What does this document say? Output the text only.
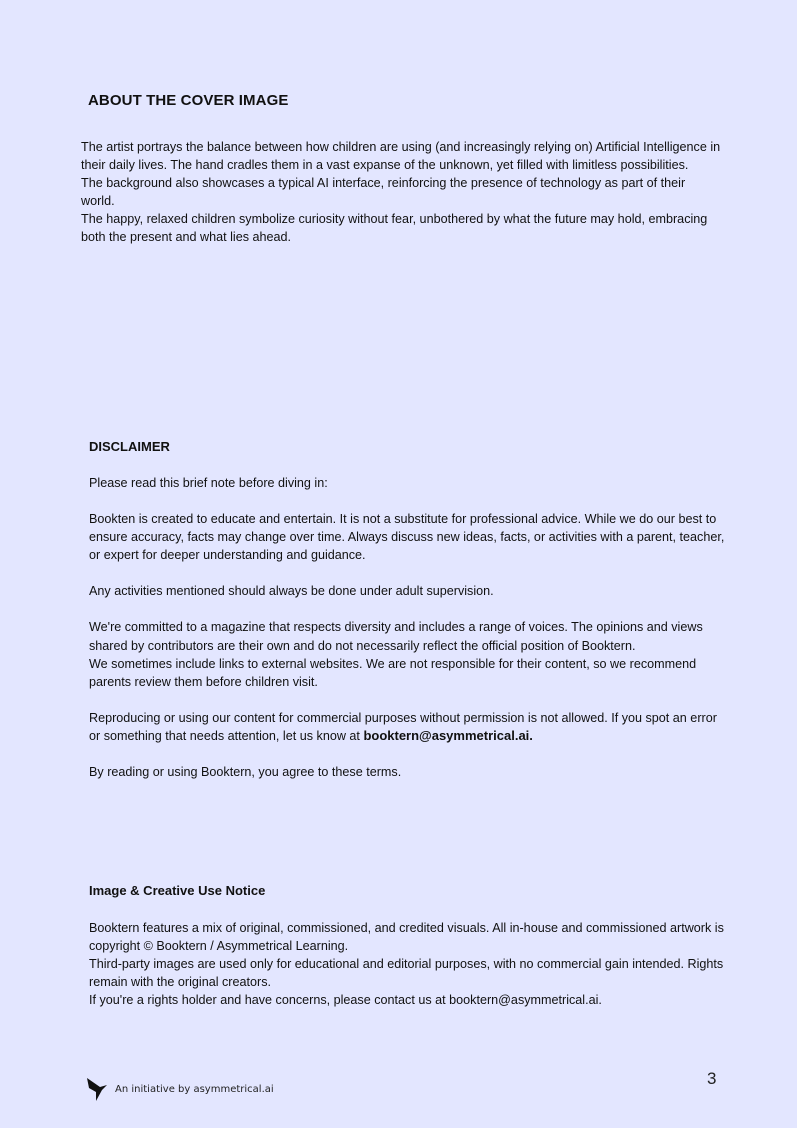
ABOUT THE COVER IMAGE

The artist portrays the balance between how children are using (and increasingly relying on) Artificial Intelligence in their daily lives. The hand cradles them in a vast expanse of the unknown, yet filled with limitless possibilities.

The background also showcases a typical AI interface, reinforcing the presence of technology as part of their world.

The happy, relaxed children symbolize curiosity without fear, unbothered by what the future may hold, embracing both the present and what lies ahead.

DISCLAIMER

Please read this brief note before diving in:

Bookten is created to educate and entertain. It is not a substitute for professional advice. While we do our best to ensure accuracy, facts may change over time. Always discuss new ideas, facts, or activities with a parent, teacher, or expert for deeper understanding and guidance.

Any activities mentioned should always be done under adult supervision.

We're committed to a magazine that respects diversity and includes a range of voices. The opinions and views shared by contributors are their own and do not necessarily reflect the official position of Booktern.

We sometimes include links to external websites. We are not responsible for their content, so we recommend parents review them before children visit.

Reproducing or using our content for commercial purposes without permission is not allowed. If you spot an error or something that needs attention, let us know at booktern@asymmetrical.ai.

By reading or using Booktern, you agree to these terms.

Image & Creative Use Notice

Booktern features a mix of original, commissioned, and credited visuals. All in-house and commissioned artwork is copyright © Booktern / Asymmetrical Learning.

Third-party images are used only for educational and editorial purposes, with no commercial gain intended. Rights remain with the original creators.

If you're a rights holder and have concerns, please contact us at booktern@asymmetrical.ai.

An initiative by asymmetrical.ai
3
